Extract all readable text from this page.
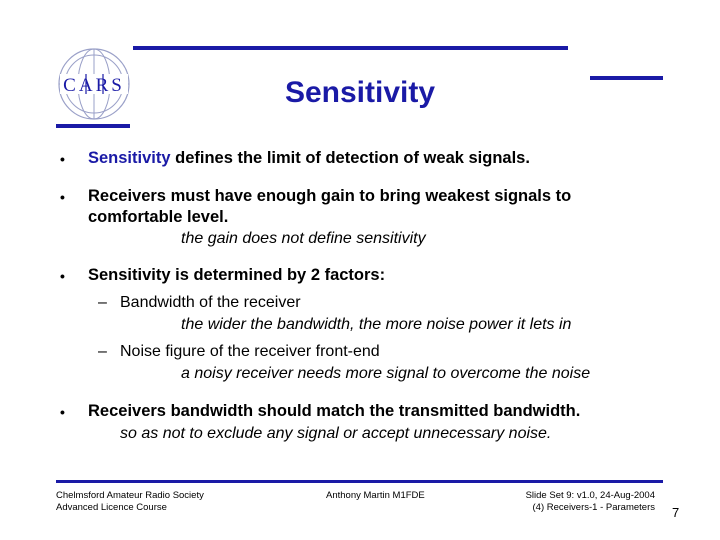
CARS	Sensitivity
• Sensitivity defines the limit of detection of weak signals.
• Receivers must have enough gain to bring weakest signals to
comfortable level.
the gain does not define sensitivity
• Sensitivity is determined by 2 factors:
– Bandwidth of the receiver
the wider the bandwidth, the more noise power it lets in
– Noise figure of the receiver front-end
a noisy receiver needs more signal to overcome the noise
• Receivers bandwidth should match the transmitted bandwidth.
so as not to exclude any signal or accept unnecessary noise.
Chelmsford Amateur Radio Society
Advanced Licence Course
Anthony Martin M1FDE	Slide Set 9: v1.0, 24-Aug-2004
(4) Receivers-1 - Parameters 7
